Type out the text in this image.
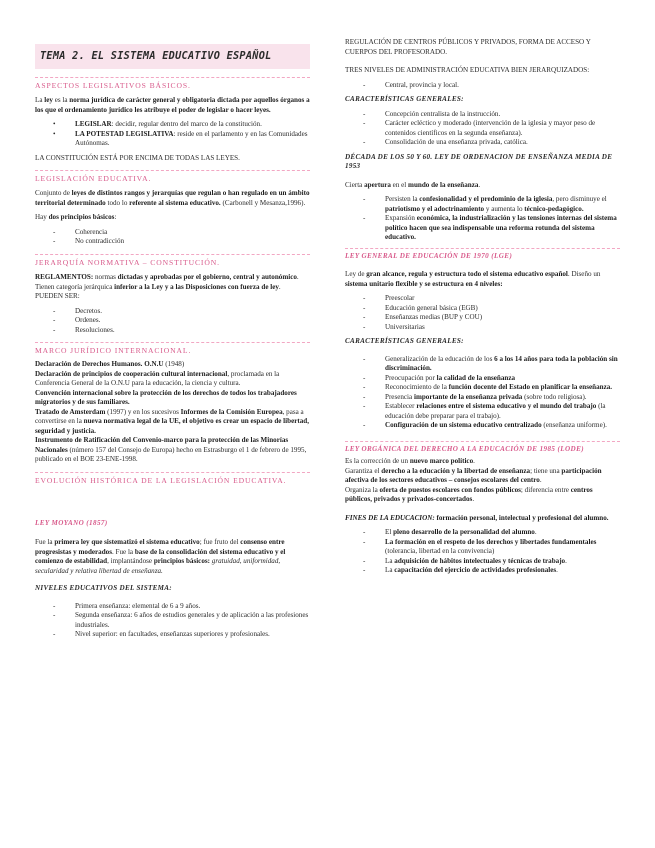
TEMA 2. EL SISTEMA EDUCATIVO ESPAÑOL
ASPECTOS LEGISLATIVOS BÁSICOS.

La ley es la norma jurídica de carácter general y obligatoria dictada por aquellos órganos a los que el ordenamiento jurídico les atribuye el poder de legislar o hacer leyes.

• LEGISLAR: decidir, regular dentro del marco de la constitución.
• LA POTESTAD LEGISLATIVA: reside en el parlamento y en las Comunidades Autónomas.

LA CONSTITUCIÓN ESTÁ POR ENCIMA DE TODAS LAS LEYES.

LEGISLACIÓN EDUCATIVA.

Conjunto de leyes de distintos rangos y jerarquías que regulan o han regulado en un ámbito territorial determinado todo lo referente al sistema educativo. (Carbonell y Mesanza,1996).

Hay dos principios básicos:

- Coherencia
- No contradicción
JERARQUÍA NORMATIVA – CONSTITUCIÓN.

REGLAMENTOS: normas dictadas y aprobadas por el gobierno, central y autonómico. Tienen categoría jerárquica inferior a la Ley y a las Disposiciones con fuerza de ley. PUEDEN SER:

- Decretos.
- Ordenes.
- Resoluciones.
MARCO JURÍDICO INTERNACIONAL.
Declaración de Derechos Humanos. O.N.U (1948)
Declaración de principios de cooperación cultural internacional, proclamada en la Conferencia General de la O.N.U para la educación, la ciencia y cultura.
Convención internacional sobre la protección de los derechos de todos los trabajadores migratorios y de sus familiares.
Tratado de Amsterdam (1997) y en los sucesivos Informes de la Comisión Europea, pasa a convertirse en la nueva normativa legal de la UE, el objetivo es crear un espacio de libertad, seguridad y justicia.
Instrumento de Ratificación del Convenio-marco para la protección de las Minorías Nacionales (número 157 del Consejo de Europa) hecho en Estrasburgo el 1 de febrero de 1995, publicado en el BOE 23-ENE-1998.
EVOLUCIÓN HISTÓRICA DE LA LEGISLACIÓN EDUCATIVA.
LEY MOYANO (1857)

Fue la primera ley que sistematizó el sistema educativo; fue fruto del consenso entre progresistas y moderados. Fue la base de la consolidación del sistema educativo y el comienzo de estabilidad, implantándose principios básicos: gratuidad, uniformidad, secularidad y relativa libertad de enseñanza.

NIVELES EDUCATIVOS DEL SISTEMA:
- Primera enseñanza: elemental de 6 a 9 años.
- Segunda enseñanza: 6 años de estudios generales y de aplicación a las profesiones industriales.
- Nivel superior: en facultades, enseñanzas superiores y profesionales.

REGULACIÓN DE CENTROS PÚBLICOS Y PRIVADOS, FORMA DE ACCESO Y CUERPOS DEL PROFESORADO.

TRES NIVELES DE ADMINISTRACIÓN EDUCATIVA BIEN JERARQUIZADOS:

- Central, provincia y local.
CARACTERÍSTICAS GENERALES:
- Concepción centralista de la instrucción.
- Carácter ecléctico y moderado (intervención de la iglesia y mayor peso de contenidos científicos en la segunda enseñanza).
- Consolidación de una enseñanza privada, católica.
DÉCADA DE LOS 50 Y 60. LEY DE ORDENACION DE ENSEÑANZA MEDIA DE 1953

Cierta apertura en el mundo de la enseñanza.

- Persisten la confesionalidad y el predominio de la iglesia, pero disminuye el patriotismo y el adoctrinamiento y aumenta lo técnico-pedagógico.
- Expansión económica, la industrialización y las tensiones internas del sistema político hacen que sea indispensable una reforma rotunda del sistema educativo.
LEY GENERAL DE EDUCACIÓN DE 1970 (LGE)

Ley de gran alcance, regula y estructura todo el sistema educativo español. Diseño un sistema unitario flexible y se estructura en 4 niveles:

- Preescolar
- Educación general básica (EGB)
- Enseñanzas medias (BUP y COU)
- Universitarias
CARACTERÍSTICAS GENERALES:
- Generalización de la educación de los 6 a los 14 años para toda la población sin discriminación.
- Preocupación por la calidad de la enseñanza
- Reconocimiento de la función docente del Estado en planificar la enseñanza.
- Presencia importante de la enseñanza privada (sobre todo religiosa).
- Establecer relaciones entre el sistema educativo y el mundo del trabajo (la educación debe preparar para el trabajo).
- Configuración de un sistema educativo centralizado (enseñanza uniforme).
LEY ORGÁNICA DEL DERECHO A LA EDUCACIÓN DE 1985 (LODE)
Es la corrección de un nuevo marco político.
Garantiza el derecho a la educación y la libertad de enseñanza; tiene una participación afectiva de los sectores educativos – consejos escolares del centro.
Organiza la oferta de puestos escolares con fondos públicos; diferencia entre centros públicos, privados y privados-concertados.

FINES DE LA EDUCACION: formación personal, intelectual y profesional del alumno.

- El pleno desarrollo de la personalidad del alumno.
- La formación en el respeto de los derechos y libertades fundamentales (tolerancia, libertad en la convivencia)
- La adquisición de hábitos intelectuales y técnicas de trabajo.
- La capacitación del ejercicio de actividades profesionales.
